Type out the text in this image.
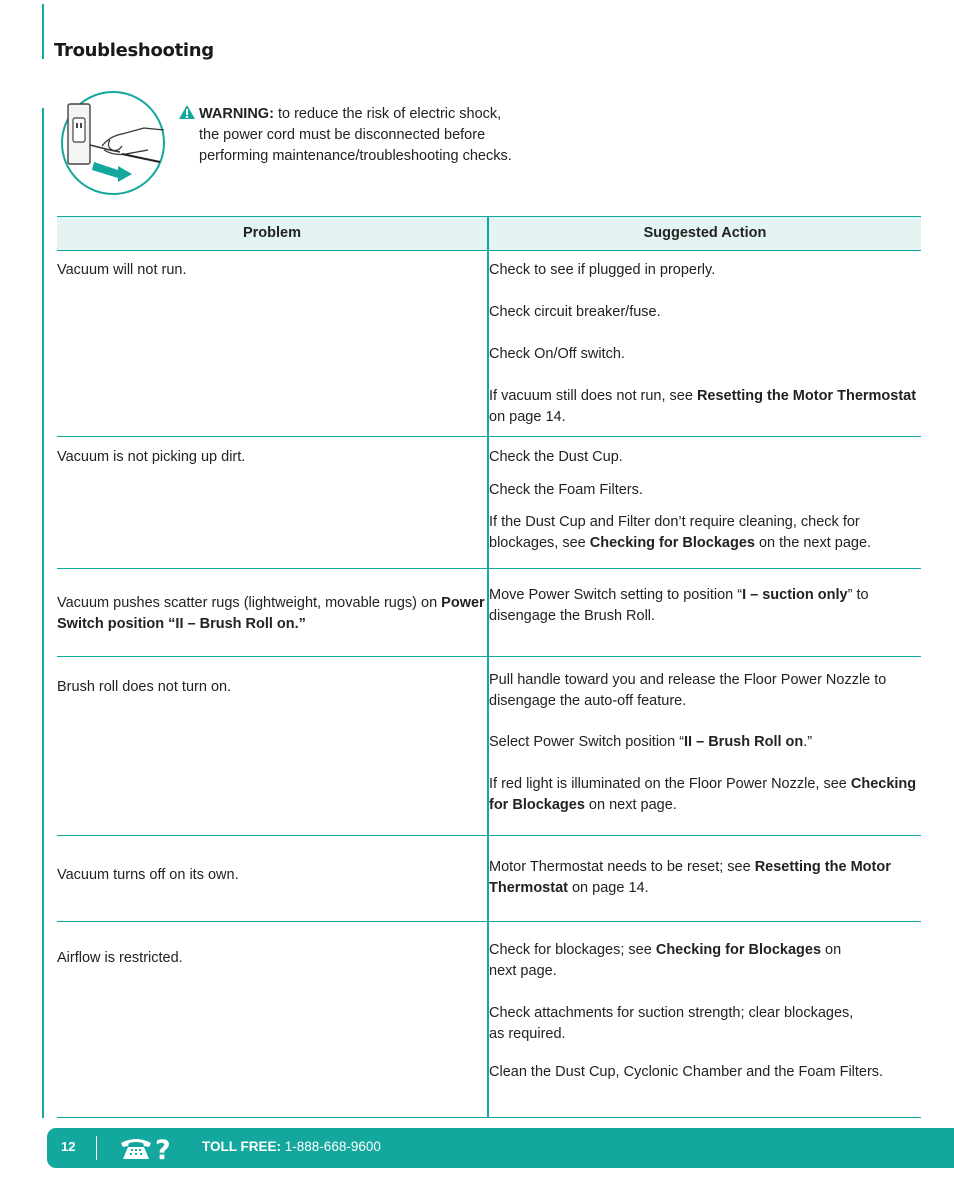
Troubleshooting
WARNING: to reduce the risk of electric shock,
the power cord must be disconnected before
performing maintenance/troubleshooting checks.
Problem	Suggested Action
Vacuum will not run.	Check to see if plugged in properly.

Check circuit breaker/fuse.

Check On/Off switch.

If vacuum still does not run, see Resetting the Motor Thermostat on page 14.

Vacuum is not picking up dirt.	Check the Dust Cup.

Check the Foam Filters.

If the Dust Cup and Filter don’t require cleaning, check for blockages, see Checking for Blockages on the next page.

Vacuum pushes scatter rugs (lightweight, movable rugs) on Power Switch position “II – Brush Roll on.”	Move Power Switch setting to position “I – suction only” to disengage the Brush Roll.

Brush roll does not turn on.	Pull handle toward you and release the Floor Power Nozzle to disengage the auto-off feature.

Select Power Switch position “II – Brush Roll on.”

If red light is illuminated on the Floor Power Nozzle, see Checking for Blockages on next page.

Vacuum turns off on its own.	Motor Thermostat needs to be reset; see Resetting the Motor Thermostat on page 14.

Airflow is restricted.	Check for blockages; see Checking for Blockages on next page.

Check attachments for suction strength; clear blockages, as required.

Clean the Dust Cup, Cyclonic Chamber and the Foam Filters.

12	? TOLL FREE: 1-888-668-9600
